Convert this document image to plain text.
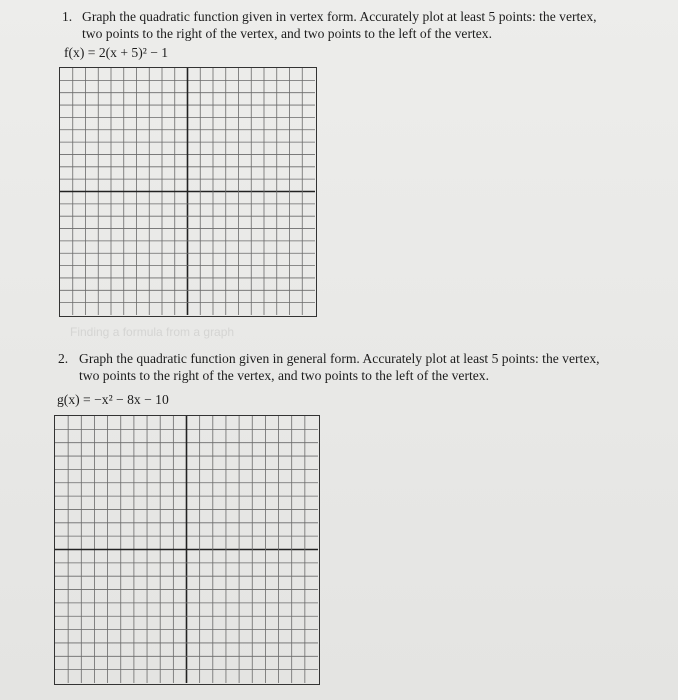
1. Graph the quadratic function given in vertex form. Accurately plot at least 5 points: the vertex,
two points to the right of the vertex, and two points to the left of the vertex.
f(x) = 2(x + 5)² − 1
Finding a formula from a graph
2. Graph the quadratic function given in general form. Accurately plot at least 5 points: the vertex,
two points to the right of the vertex, and two points to the left of the vertex.
g(x) = −x² − 8x − 10
